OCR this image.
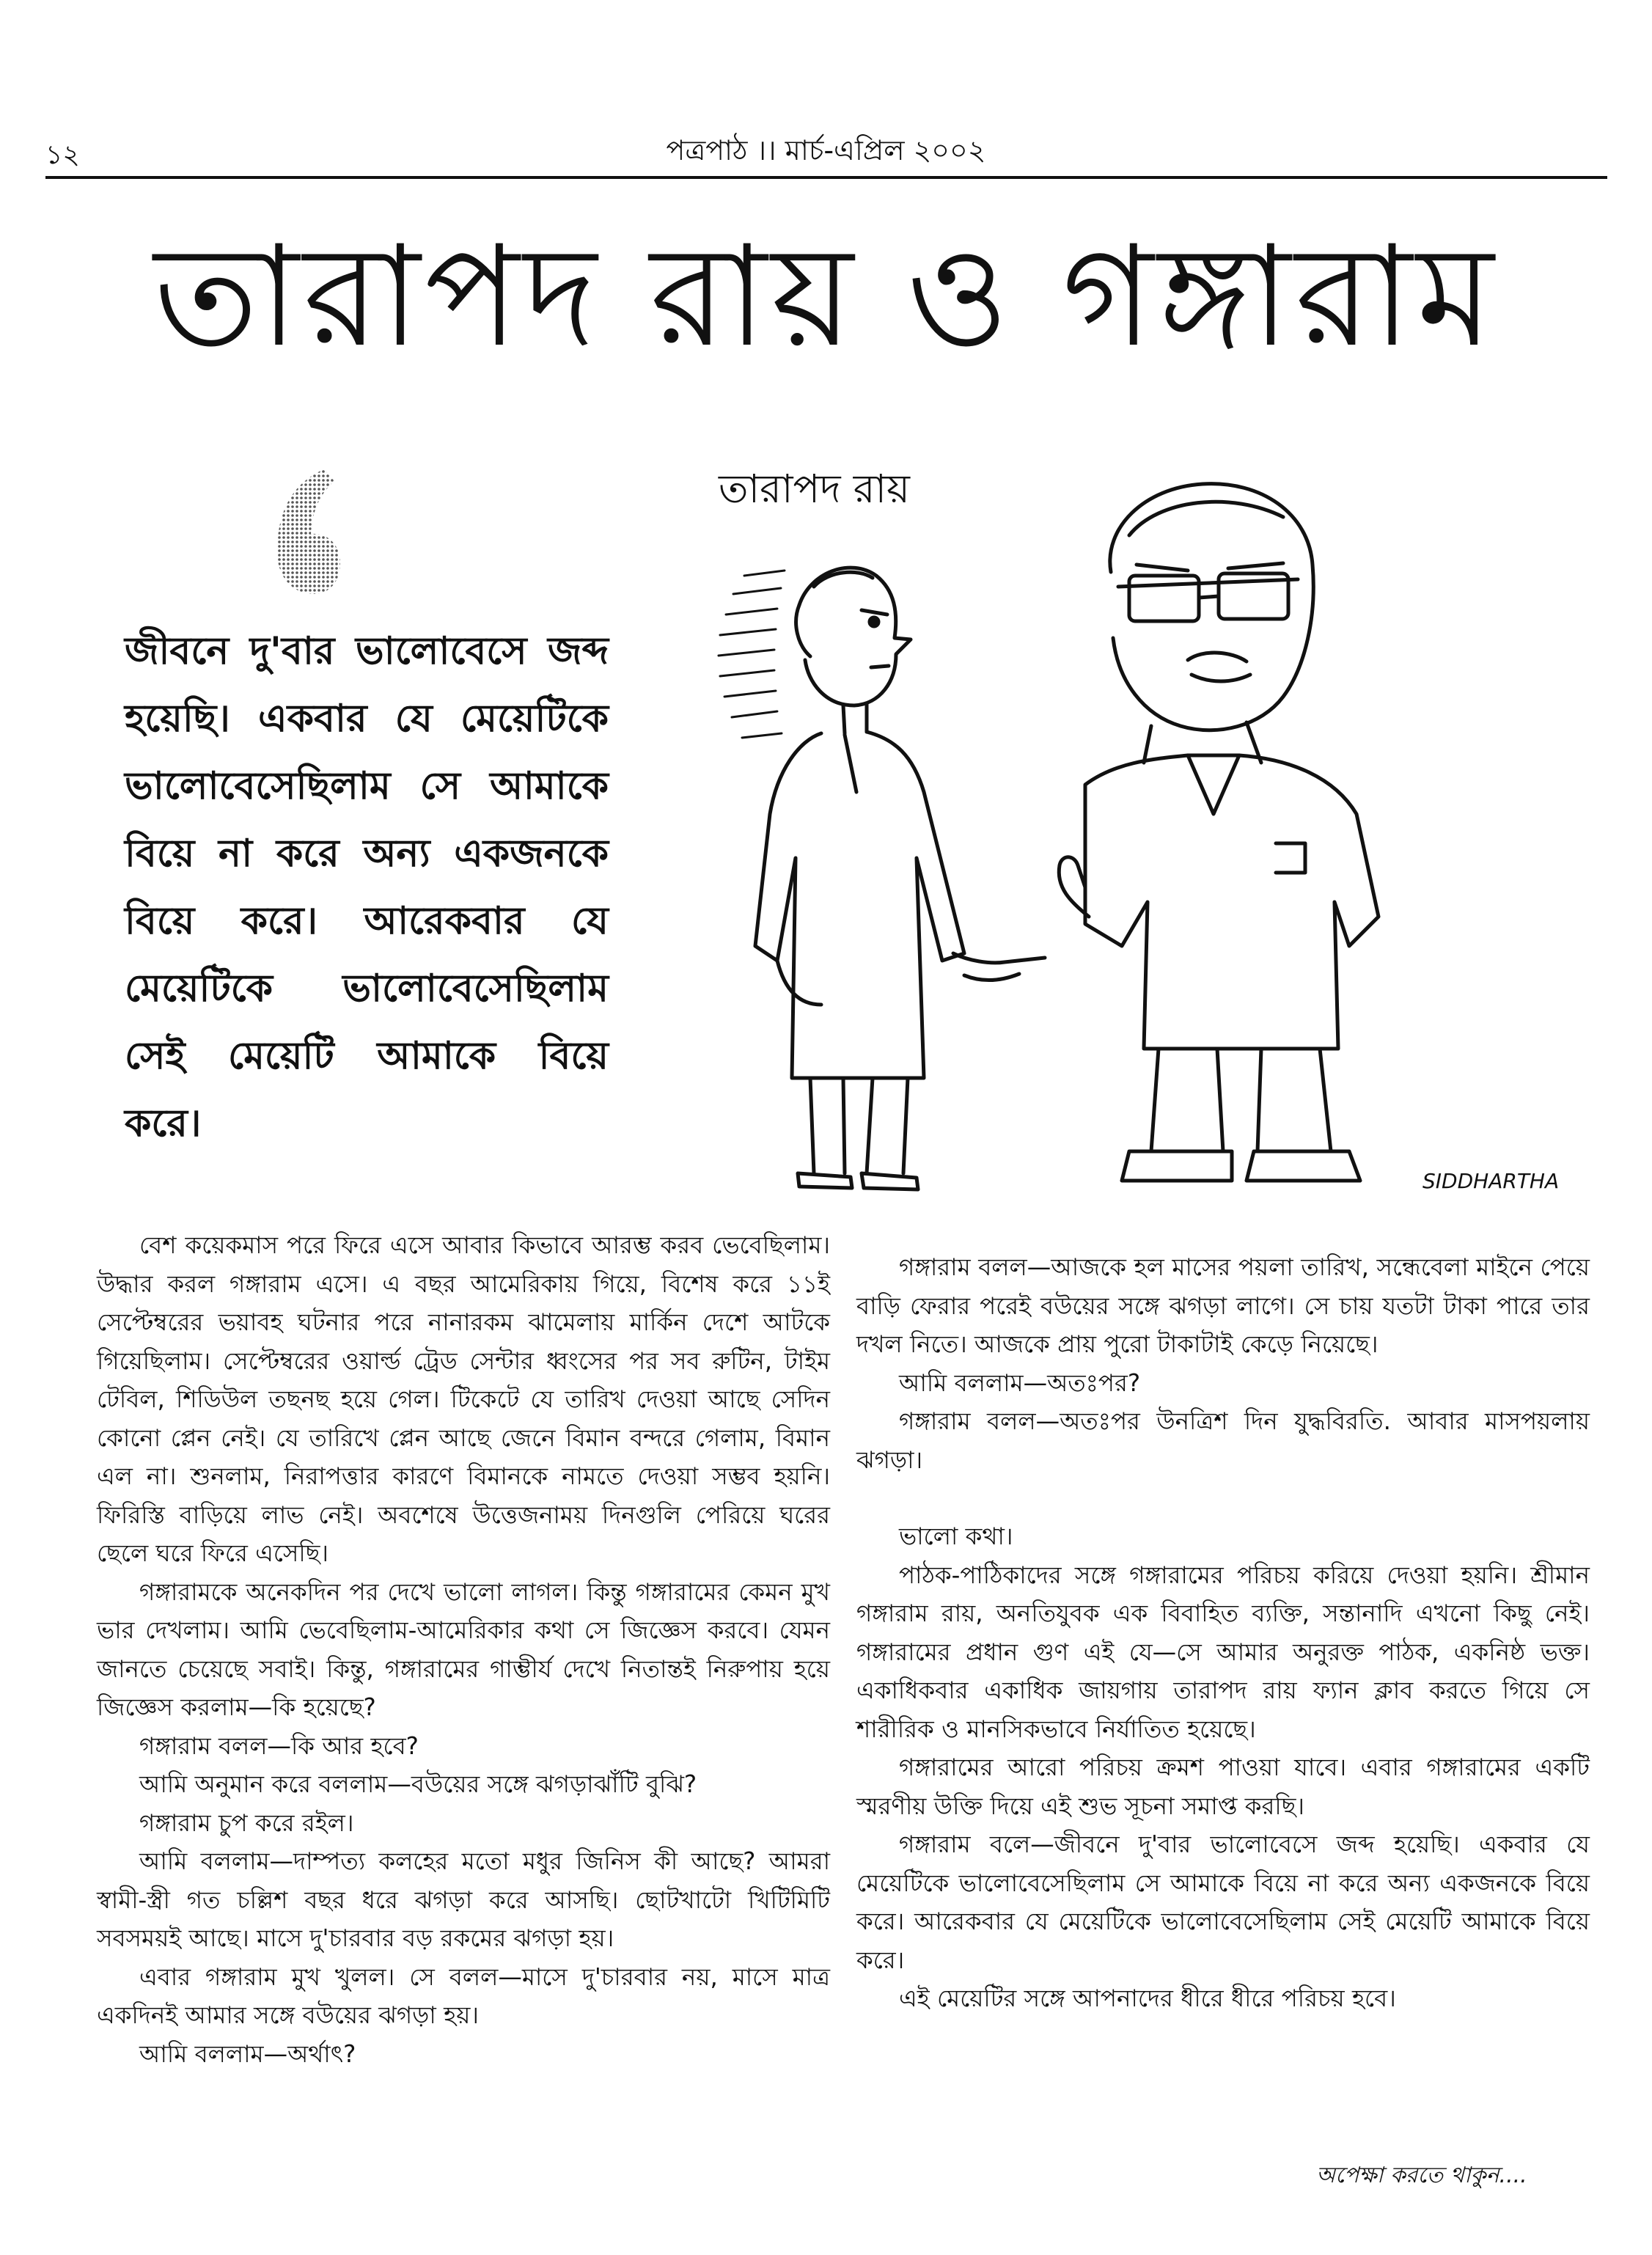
১২	পত্রপাঠ ।। মার্চ-এপ্রিল ২০০২
তারাপদ রায় ও গঙ্গারাম
তারাপদ রায়

জীবনে দু'বার ভালোবেসে জব্দ হয়েছি। একবার যে মেয়েটিকে ভালোবেসেছিলাম সে আমাকে বিয়ে না করে অন্য একজনকে বিয়ে করে। আরেকবার যে মেয়েটিকে ভালোবেসেছিলাম সেই মেয়েটি আমাকে বিয়ে করে।

SIDDHARTHA

বেশ কয়েকমাস পরে ফিরে এসে আবার কিভাবে আরম্ভ করব ভেবেছিলাম। উদ্ধার করল গঙ্গারাম এসে। এ বছর আমেরিকায় গিয়ে, বিশেষ করে ১১ই সেপ্টেম্বরের ভয়াবহ ঘটনার পরে নানারকম ঝামেলায় মার্কিন দেশে আটকে গিয়েছিলাম। সেপ্টেম্বরের ওয়ার্ল্ড ট্রেড সেন্টার ধ্বংসের পর সব রুটিন, টাইম টেবিল, শিডিউল তছনছ হয়ে গেল। টিকেটে যে তারিখ দেওয়া আছে সেদিন কোনো প্লেন নেই। যে তারিখে প্লেন আছে জেনে বিমান বন্দরে গেলাম, বিমান এল না। শুনলাম, নিরাপত্তার কারণে বিমানকে নামতে দেওয়া সম্ভব হয়নি। ফিরিস্তি বাড়িয়ে লাভ নেই। অবশেষে উত্তেজনাময় দিনগুলি পেরিয়ে ঘরের ছেলে ঘরে ফিরে এসেছি।

গঙ্গারামকে অনেকদিন পর দেখে ভালো লাগল। কিন্তু গঙ্গারামের কেমন মুখ ভার দেখলাম। আমি ভেবেছিলাম-আমেরিকার কথা সে জিজ্ঞেস করবে। যেমন জানতে চেয়েছে সবাই। কিন্তু, গঙ্গারামের গাম্ভীর্য দেখে নিতান্তই নিরুপায় হয়ে জিজ্ঞেস করলাম—কি হয়েছে?

গঙ্গারাম বলল—কি আর হবে?

আমি অনুমান করে বললাম—বউয়ের সঙ্গে ঝগড়াঝাঁটি বুঝি?

গঙ্গারাম চুপ করে রইল।

আমি বললাম—দাম্পত্য কলহের মতো মধুর জিনিস কী আছে? আমরা স্বামী-স্ত্রী গত চল্লিশ বছর ধরে ঝগড়া করে আসছি। ছোটখাটো খিটিমিটি সবসময়ই আছে। মাসে দু'চারবার বড় রকমের ঝগড়া হয়।

এবার গঙ্গারাম মুখ খুলল। সে বলল—মাসে দু'চারবার নয়, মাসে মাত্র একদিনই আমার সঙ্গে বউয়ের ঝগড়া হয়।

আমি বললাম—অর্থাৎ?

গঙ্গারাম বলল—আজকে হল মাসের পয়লা তারিখ, সন্ধেবেলা মাইনে পেয়ে বাড়ি ফেরার পরেই বউয়ের সঙ্গে ঝগড়া লাগে। সে চায় যতটা টাকা পারে তার দখল নিতে। আজকে প্রায় পুরো টাকাটাই কেড়ে নিয়েছে।

আমি বললাম—অতঃপর?

গঙ্গারাম বলল—অতঃপর উনত্রিশ দিন যুদ্ধবিরতি. আবার মাসপয়লায় ঝগড়া।

ভালো কথা।

পাঠক-পাঠিকাদের সঙ্গে গঙ্গারামের পরিচয় করিয়ে দেওয়া হয়নি। শ্রীমান গঙ্গারাম রায়, অনতিযুবক এক বিবাহিত ব্যক্তি, সন্তানাদি এখনো কিছু নেই। গঙ্গারামের প্রধান গুণ এই যে—সে আমার অনুরক্ত পাঠক, একনিষ্ঠ ভক্ত। একাধিকবার একাধিক জায়গায় তারাপদ রায় ফ্যান ক্লাব করতে গিয়ে সে শারীরিক ও মানসিকভাবে নির্যাতিত হয়েছে।

গঙ্গারামের আরো পরিচয় ক্রমশ পাওয়া যাবে। এবার গঙ্গারামের একটি স্মরণীয় উক্তি দিয়ে এই শুভ সূচনা সমাপ্ত করছি।

গঙ্গারাম বলে—জীবনে দু'বার ভালোবেসে জব্দ হয়েছি। একবার যে মেয়েটিকে ভালোবেসেছিলাম সে আমাকে বিয়ে না করে অন্য একজনকে বিয়ে করে। আরেকবার যে মেয়েটিকে ভালোবেসেছিলাম সেই মেয়েটি আমাকে বিয়ে করে।

এই মেয়েটির সঙ্গে আপনাদের ধীরে ধীরে পরিচয় হবে।

অপেক্ষা করতে থাকুন....
